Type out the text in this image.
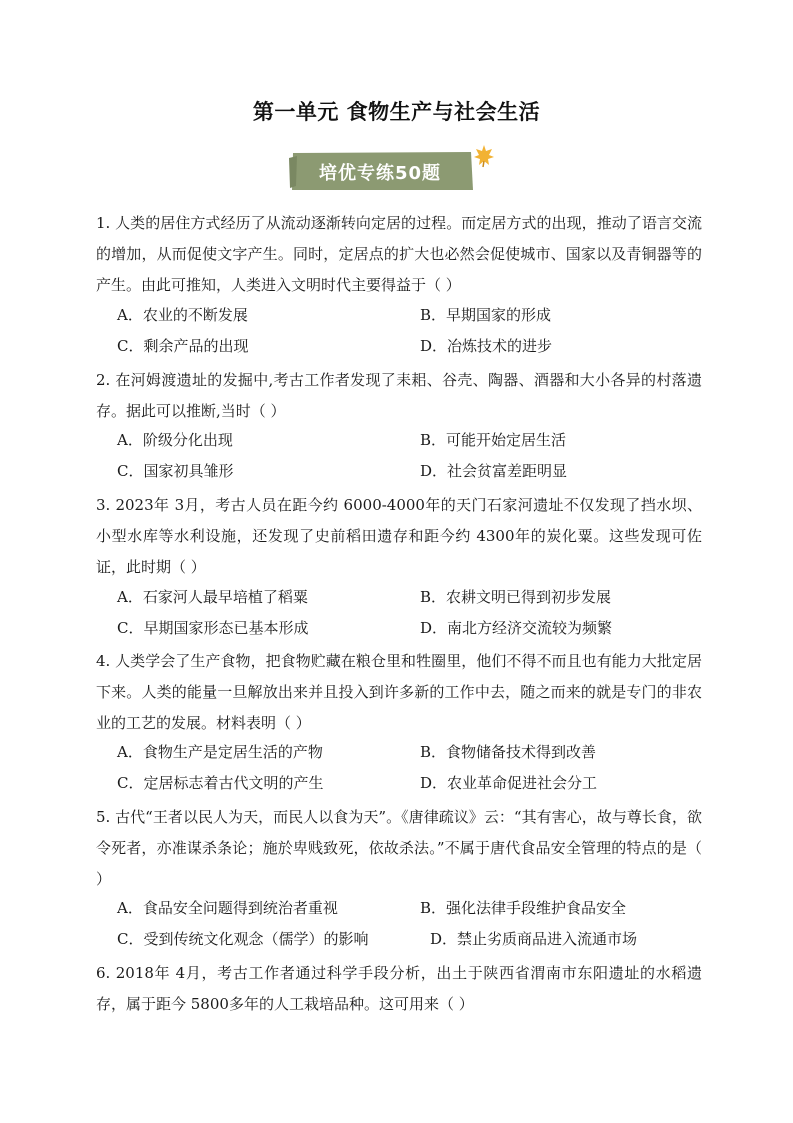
第一单元 食物生产与社会生活
培优专练50题
1. 人类的居住方式经历了从流动逐渐转向定居的过程。而定居方式的出现，推动了语言交流的增加，从而促使文字产生。同时，定居点的扩大也必然会促使城市、国家以及青铜器等的产生。由此可推知，人类进入文明时代主要得益于（ ）
A．农业的不断发展	B．早期国家的形成
C．剩余产品的出现	D．冶炼技术的进步
2. 在河姆渡遗址的发掘中,考古工作者发现了耒耜、谷壳、陶器、酒器和大小各异的村落遗存。据此可以推断,当时（ ）
A．阶级分化出现	B．可能开始定居生活
C．国家初具雏形	D．社会贫富差距明显
3. 2023年 3月，考古人员在距今约 6000-4000年的天门石家河遗址不仅发现了挡水坝、小型水库等水利设施，还发现了史前稻田遗存和距今约 4300年的炭化粟。这些发现可佐证，此时期（ ）
A．石家河人最早培植了稻粟	B．农耕文明已得到初步发展
C．早期国家形态已基本形成	D．南北方经济交流较为频繁
4. 人类学会了生产食物，把食物贮藏在粮仓里和牲圈里，他们不得不而且也有能力大批定居下来。人类的能量一旦解放出来并且投入到许多新的工作中去，随之而来的就是专门的非农业的工艺的发展。材料表明（ ）
A．食物生产是定居生活的产物	B．食物储备技术得到改善
C．定居标志着古代文明的产生	D．农业革命促进社会分工
5. 古代“王者以民人为天，而民人以食为天”。《唐律疏议》云：“其有害心，故与尊长食，欲令死者，亦准谋杀条论；施於卑贱致死，依故杀法。”不属于唐代食品安全管理的特点的是（ ）
A．食品安全问题得到统治者重视	B．强化法律手段维护食品安全
C．受到传统文化观念（儒学）的影响	D．禁止劣质商品进入流通市场
6. 2018年 4月，考古工作者通过科学手段分析，出土于陕西省渭南市东阳遗址的水稻遗存，属于距今 5800多年的人工栽培品种。这可用来（ ）
